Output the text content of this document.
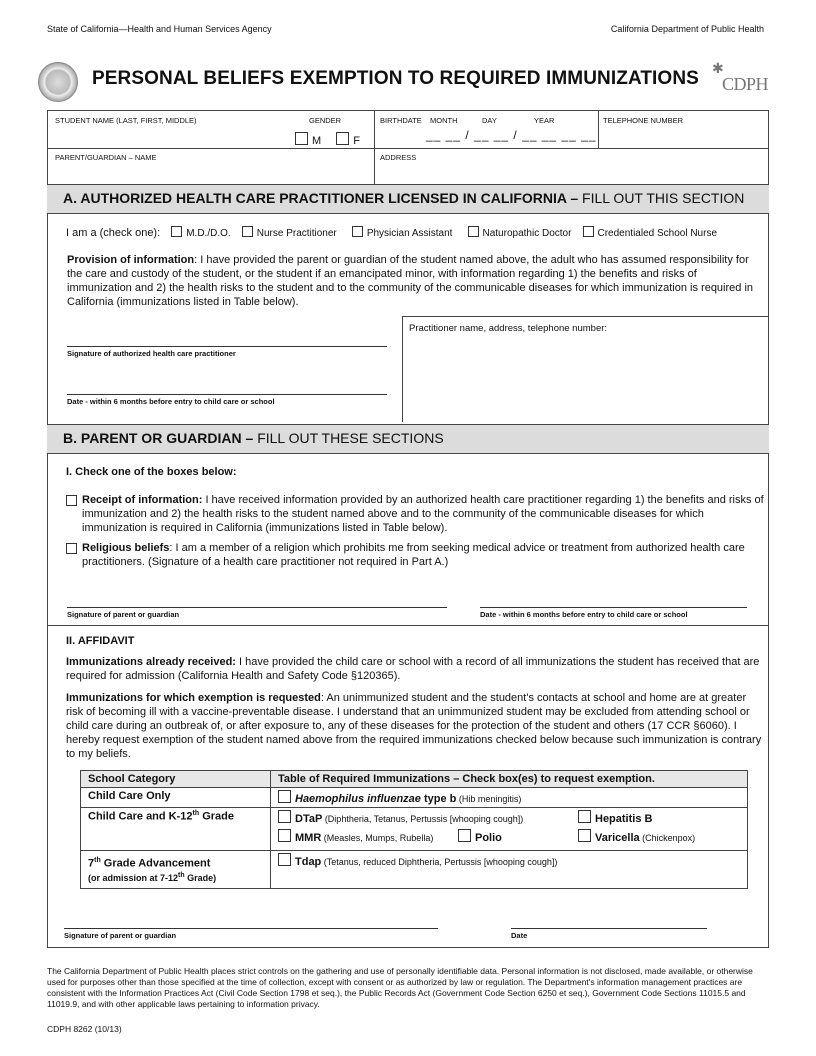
State of California—Health and Human Services Agency	California Department of Public Health
PERSONAL BELIEFS EXEMPTION TO REQUIRED IMMUNIZATIONS ✱
CDPH
STUDENT NAME (LAST, FIRST, MIDDLE)	GENDER
M	F
BIRTHDATE MONTH	DAY	YEAR
__ __ / __ __ / __ __ __ __
TELEPHONE NUMBER
PARENT/GUARDIAN – NAME	ADDRESS
A. AUTHORIZED HEALTH CARE PRACTITIONER LICENSED IN CALIFORNIA – FILL OUT THIS SECTION
I am a (check one):	M.D./D.O.	Nurse Practitioner	Physician Assistant	Naturopathic Doctor	Credentialed School Nurse
Provision of information: I have provided the parent or guardian of the student named above, the adult who has assumed responsibility for the care and custody of the student, or the student if an emancipated minor, with information regarding 1) the benefits and risks of immunization and 2) the health risks to the student and to the community of the communicable diseases for which immunization is required in California (immunizations listed in Table below).
Signature of authorized health care practitioner
Date - within 6 months before entry to child care or school
Practitioner name, address, telephone number:
B. PARENT OR GUARDIAN – FILL OUT THESE SECTIONS
I. Check one of the boxes below:
Receipt of information: I have received information provided by an authorized health care practitioner regarding 1) the benefits and risks of immunization and 2) the health risks to the student named above and to the community of the communicable diseases for which immunization is required in California (immunizations listed in Table below).
Religious beliefs: I am a member of a religion which prohibits me from seeking medical advice or treatment from authorized health care practitioners. (Signature of a health care practitioner not required in Part A.)
Signature of parent or guardian	Date - within 6 months before entry to child care or school
II. AFFIDAVIT
Immunizations already received: I have provided the child care or school with a record of all immunizations the student has received that are required for admission (California Health and Safety Code §120365).
Immunizations for which exemption is requested: An unimmunized student and the student's contacts at school and home are at greater risk of becoming ill with a vaccine-preventable disease. I understand that an unimmunized student may be excluded from attending school or child care during an outbreak of, or after exposure to, any of these diseases for the protection of the student and others (17 CCR §6060). I hereby request exemption of the student named above from the required immunizations checked below because such immunization is contrary to my beliefs.
School Category	Table of Required Immunizations – Check box(es) to request exemption.
Child Care Only	Haemophilus influenzae type b (Hib meningitis)
Child Care and K-12th Grade	DTaP (Diphtheria, Tetanus, Pertussis [whooping cough]) Hepatitis B
MMR (Measles, Mumps, Rubella) Polio Varicella (Chickenpox)

7th Grade Advancement
(or admission at 7-12th Grade)	Tdap (Tetanus, reduced Diphtheria, Pertussis [whooping cough])
Signature of parent or guardian	Date
The California Department of Public Health places strict controls on the gathering and use of personally identifiable data. Personal information is not disclosed, made available, or otherwise used for purposes other than those specified at the time of collection, except with consent or as authorized by law or regulation. The Department's information management practices are consistent with the Information Practices Act (Civil Code Section 1798 et seq.), the Public Records Act (Government Code Section 6250 et seq.), Government Code Sections 11015.5 and 11019.9, and with other applicable laws pertaining to information privacy.
CDPH 8262 (10/13)
